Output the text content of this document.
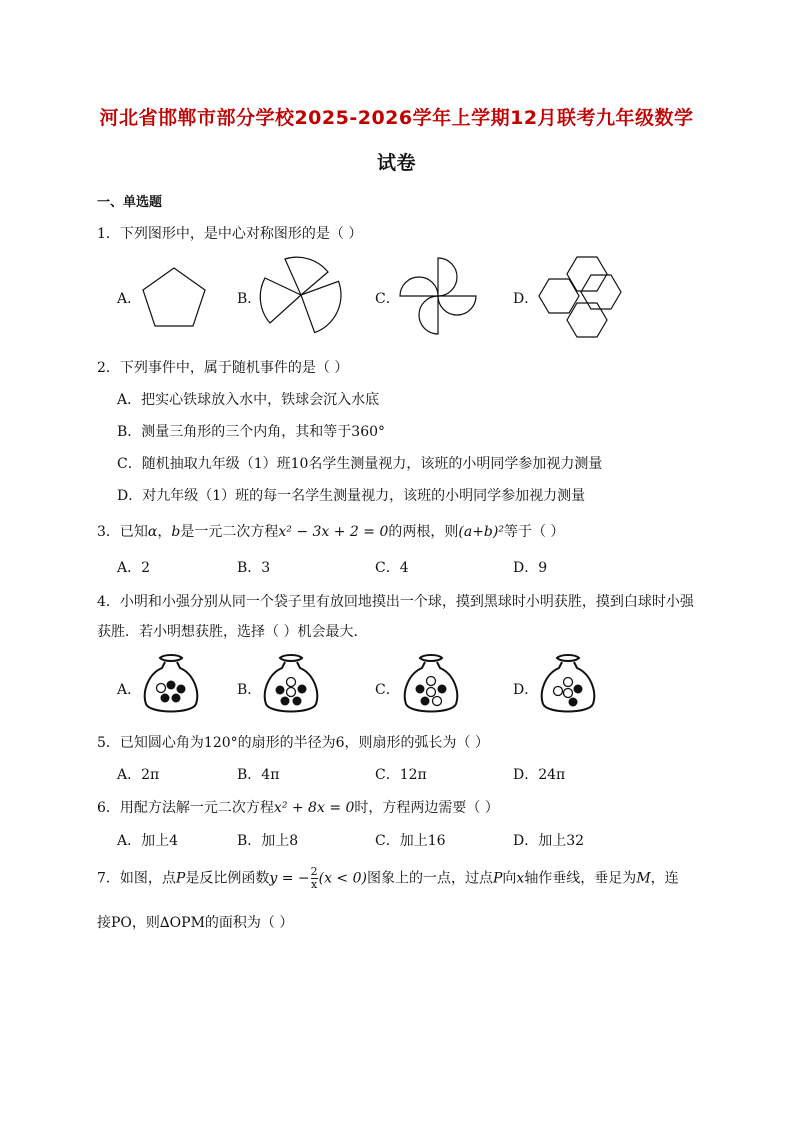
河北省邯郸市部分学校2025-2026学年上学期12月联考九年级数学
试卷
一、单选题
1．下列图形中，是中心对称图形的是（ ）
A．	B．	C．	D．
2．下列事件中，属于随机事件的是（ ）
A．把实心铁球放入水中，铁球会沉入水底
B．测量三角形的三个内角，其和等于360°
C．随机抽取九年级（1）班10名学生测量视力，该班的小明同学参加视力测量
D．对九年级（1）班的每一名学生测量视力，该班的小明同学参加视力测量
3．已知α，b是一元二次方程x² − 3x + 2 = 0的两根，则(a+b)²等于（ ）
A．2	B．3	C．4	D．9
4．小明和小强分别从同一个袋子里有放回地摸出一个球，摸到黑球时小明获胜，摸到白球时小强
获胜．若小明想获胜，选择（ ）机会最大．
A．	B．	C．	D．
5．已知圆心角为120°的扇形的半径为6，则扇形的弧长为（ ）
A．2π	B．4π	C．12π	D．24π
6．用配方法解一元二次方程x² + 8x = 0时，方程两边需要（ ）
A．加上4	B．加上8	C．加上16	D．加上32
7．如图，点P是反比例函数y = − $\frac{2}{x} (x < 0)$图象上的一点，过点P向x轴作垂线，垂足为M，连
接PO，则∆OPM的面积为（ ）
